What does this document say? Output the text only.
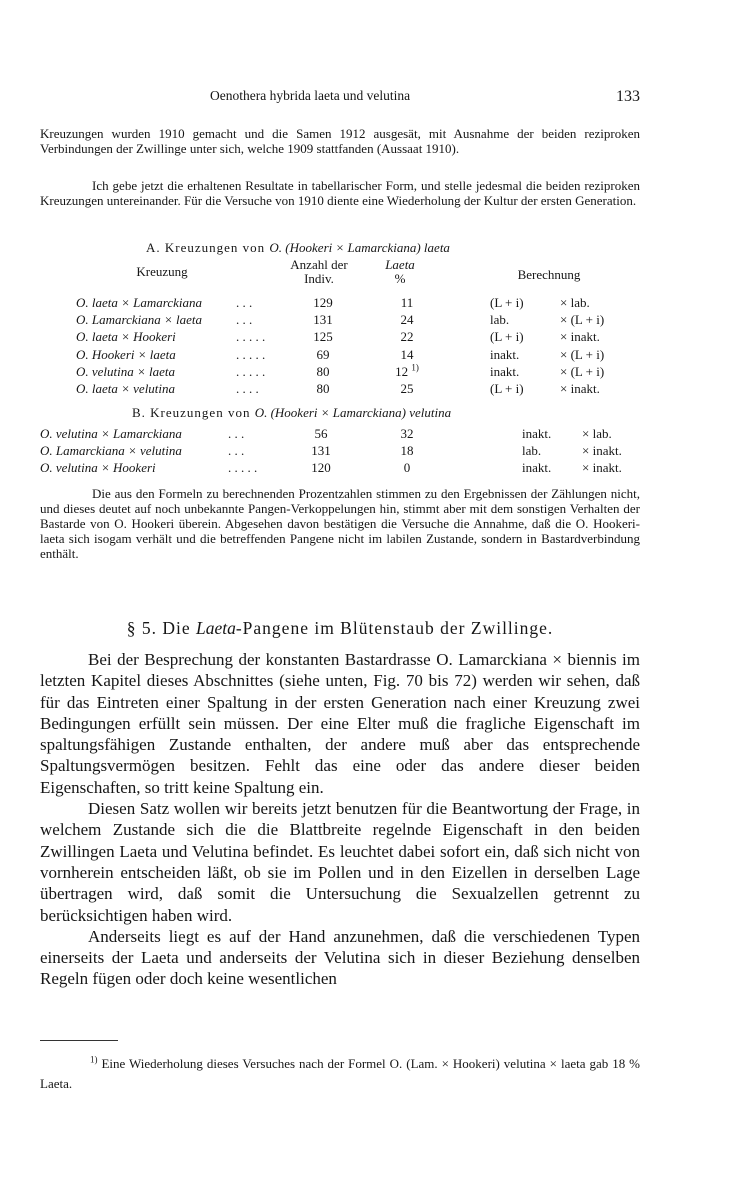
Oenothera hybrida laeta und velutina	133

Kreuzungen wurden 1910 gemacht und die Samen 1912 ausgesät, mit Ausnahme der beiden reziproken Verbindungen der Zwillinge unter sich, welche 1909 stattfanden (Aussaat 1910).

Ich gebe jetzt die erhaltenen Resultate in tabellarischer Form, und stelle jedesmal die beiden reziproken Kreuzungen untereinander. Für die Versuche von 1910 diente eine Wiederholung der Kultur der ersten Generation.

A. Kreuzungen von O. (Hookeri × Lamarckiana) laeta
Kreuzung	Anzahl der
Indiv.
Laeta
%	Berechnung
O. laeta × Lamarckiana	. . .	129	11		(L + i)	× lab.
O. Lamarckiana × laeta	. . .	131	24		lab.	× (L + i)
O. laeta × Hookeri	. . . . .	125	22		(L + i)	× inakt.
O. Hookeri × laeta	. . . . .	69	14		inakt.	× (L + i)
O. velutina × laeta	. . . . .	80	12 $^{1)}$		inakt.	× (L + i)
O. laeta × velutina	. . . .	80	25		(L + i)	× inakt.
B. Kreuzungen von O. (Hookeri × Lamarckiana) velutina
O. velutina × Lamarckiana	. . .	56	32		inakt.	× lab.
O. Lamarckiana × velutina	. . .	131	18		lab.	× inakt.
O. velutina × Hookeri	. . . . .	120	0		inakt.	× inakt.

Die aus den Formeln zu berechnenden Prozentzahlen stimmen zu den Ergebnissen der Zählungen nicht, und dieses deutet auf noch unbekannte Pangen-Verkoppelungen hin, stimmt aber mit dem sonstigen Verhalten der Bastarde von O. Hookeri überein. Abgesehen davon bestätigen die Versuche die Annahme, daß die O. Hookeri-laeta sich isogam verhält und die betreffenden Pangene nicht im labilen Zustande, sondern in Bastardverbindung enthält.

§ 5. Die Laeta-Pangene im Blütenstaub der Zwillinge.

Bei der Besprechung der konstanten Bastardrasse O. Lamarckiana × biennis im letzten Kapitel dieses Abschnittes (siehe unten, Fig. 70 bis 72) werden wir sehen, daß für das Eintreten einer Spaltung in der ersten Generation nach einer Kreuzung zwei Bedingungen erfüllt sein müssen. Der eine Elter muß die fragliche Eigenschaft im spaltungsfähigen Zustande enthalten, der andere muß aber das entsprechende Spaltungsvermögen besitzen. Fehlt das eine oder das andere dieser beiden Eigenschaften, so tritt keine Spaltung ein.

Diesen Satz wollen wir bereits jetzt benutzen für die Beantwortung der Frage, in welchem Zustande sich die die Blattbreite regelnde Eigenschaft in den beiden Zwillingen Laeta und Velutina befindet. Es leuchtet dabei sofort ein, daß sich nicht von vornherein entscheiden läßt, ob sie im Pollen und in den Eizellen in derselben Lage übertragen wird, daß somit die Untersuchung die Sexualzellen getrennt zu berücksichtigen haben wird.

Anderseits liegt es auf der Hand anzunehmen, daß die verschiedenen Typen einerseits der Laeta und anderseits der Velutina sich in dieser Beziehung denselben Regeln fügen oder doch keine wesentlichen

$^{1)}$ Eine Wiederholung dieses Versuches nach der Formel O. (Lam. × Hookeri) velutina × laeta gab 18 % Laeta.
